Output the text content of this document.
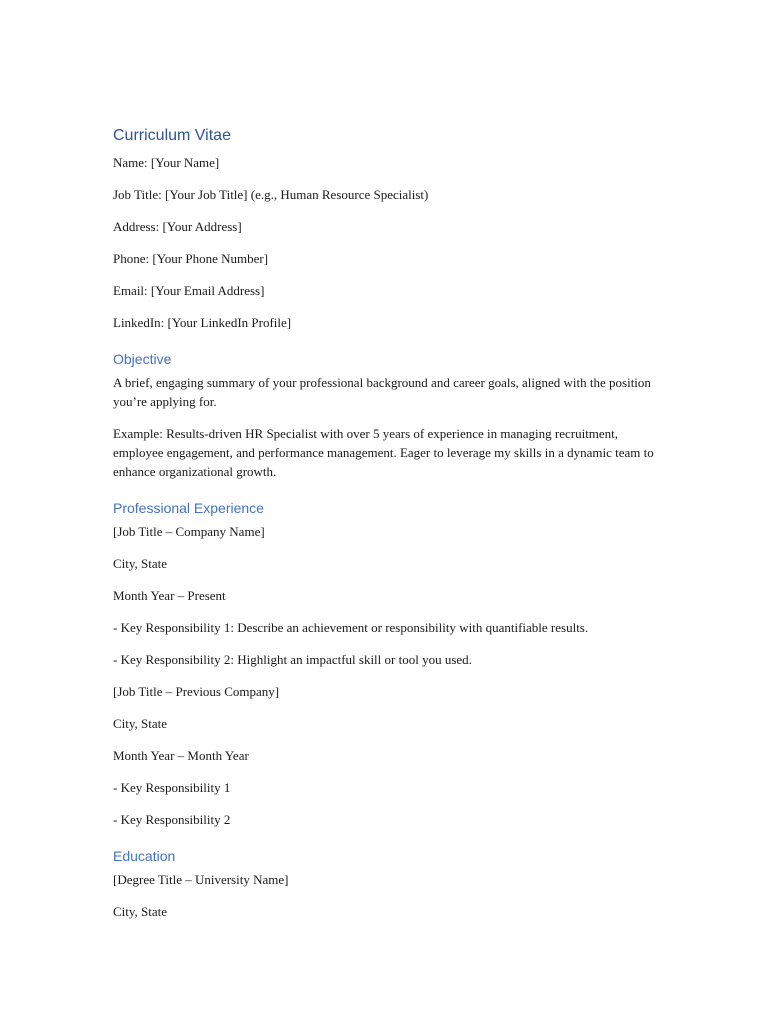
Curriculum Vitae

Name: [Your Name]

Job Title: [Your Job Title] (e.g., Human Resource Specialist)

Address: [Your Address]

Phone: [Your Phone Number]

Email: [Your Email Address]

LinkedIn: [Your LinkedIn Profile]

Objective

A brief, engaging summary of your professional background and career goals, aligned with the position you’re applying for.

Example: Results-driven HR Specialist with over 5 years of experience in managing recruitment, employee engagement, and performance management. Eager to leverage my skills in a dynamic team to enhance organizational growth.

Professional Experience

[Job Title – Company Name]

City, State

Month Year – Present

- Key Responsibility 1: Describe an achievement or responsibility with quantifiable results.

- Key Responsibility 2: Highlight an impactful skill or tool you used.

[Job Title – Previous Company]

City, State

Month Year – Month Year

- Key Responsibility 1

- Key Responsibility 2

Education

[Degree Title – University Name]

City, State
